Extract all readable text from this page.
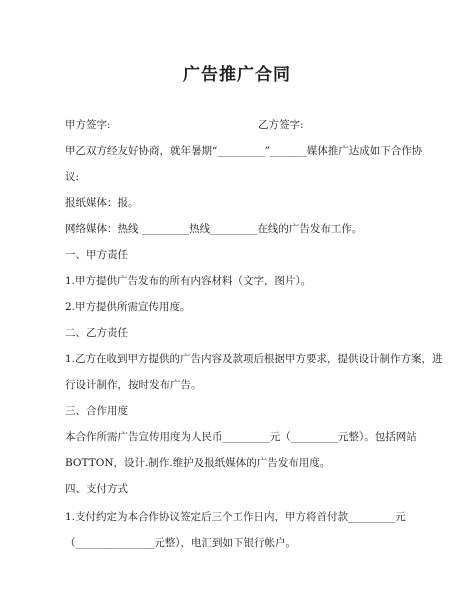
广告推广合同
甲方签字:	乙方签字:
甲乙双方经友好协商，就年暑期“_________”_______媒体推广达成如下合作协
议:
报纸媒体：报。
网络媒体：热线 _________热线_________在线的广告发布工作。
一、甲方责任
1.甲方提供广告发布的所有内容材料（文字，图片）。
2.甲方提供所需宣传用度。
二、乙方责任
1.乙方在收到甲方提供的广告内容及款项后根据甲方要求，提供设计制作方案，进
行设计制作，按时发布广告。
三、合作用度
本合作所需广告宣传用度为人民币_________元（_________元整）。包括网站
BOTTON，设计.制作.维护及报纸媒体的广告发布用度。
四、支付方式
1.支付约定为本合作协议签定后三个工作日内，甲方将首付款_________元
（_______________元整），电汇到如下银行帐户。
